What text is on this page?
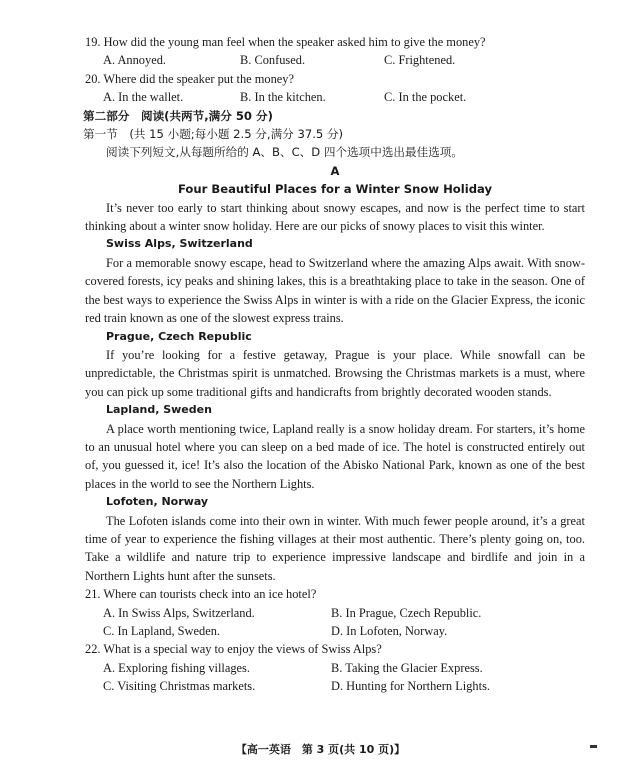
19. How did the young man feel when the speaker asked him to give the money?

A. Annoyed.	B. Confused.	C. Frightened.

20. Where did the speaker put the money?

A. In the wallet.	B. In the kitchen.	C. In the pocket.

第二部分　阅读(共两节,满分 50 分)

第一节　(共 15 小题;每小题 2.5 分,满分 37.5 分)

阅读下列短文,从每题所给的 A、B、C、D 四个选项中选出最佳选项。

A

Four Beautiful Places for a Winter Snow Holiday

It’s never too early to start thinking about snowy escapes, and now is the perfect time to start thinking about a winter snow holiday. Here are our picks of snowy places to visit this winter.

Swiss Alps, Switzerland

For a memorable snowy escape, head to Switzerland where the amazing Alps await. With snow-covered forests, icy peaks and shining lakes, this is a breathtaking place to take in the season. One of the best ways to experience the Swiss Alps in winter is with a ride on the Glacier Express, the iconic red train known as one of the slowest express trains.

Prague, Czech Republic

If you’re looking for a festive getaway, Prague is your place. While snowfall can be unpredictable, the Christmas spirit is unmatched. Browsing the Christmas markets is a must, where you can pick up some traditional gifts and handicrafts from brightly decorated wooden stands.

Lapland, Sweden

A place worth mentioning twice, Lapland really is a snow holiday dream. For starters, it’s home to an unusual hotel where you can sleep on a bed made of ice. The hotel is constructed entirely out of, you guessed it, ice! It’s also the location of the Abisko National Park, known as one of the best places in the world to see the Northern Lights.

Lofoten, Norway

The Lofoten islands come into their own in winter. With much fewer people around, it’s a great time of year to experience the fishing villages at their most authentic. There’s plenty going on, too. Take a wildlife and nature trip to experience impressive landscape and birdlife and join in a Northern Lights hunt after the sunsets.

21. Where can tourists check into an ice hotel?

A. In Swiss Alps, Switzerland.	B. In Prague, Czech Republic.
C. In Lapland, Sweden.	D. In Lofoten, Norway.

22. What is a special way to enjoy the views of Swiss Alps?

A. Exploring fishing villages.	B. Taking the Glacier Express.
C. Visiting Christmas markets.	D. Hunting for Northern Lights.
【高一英语　第 3 页(共 10 页)】
